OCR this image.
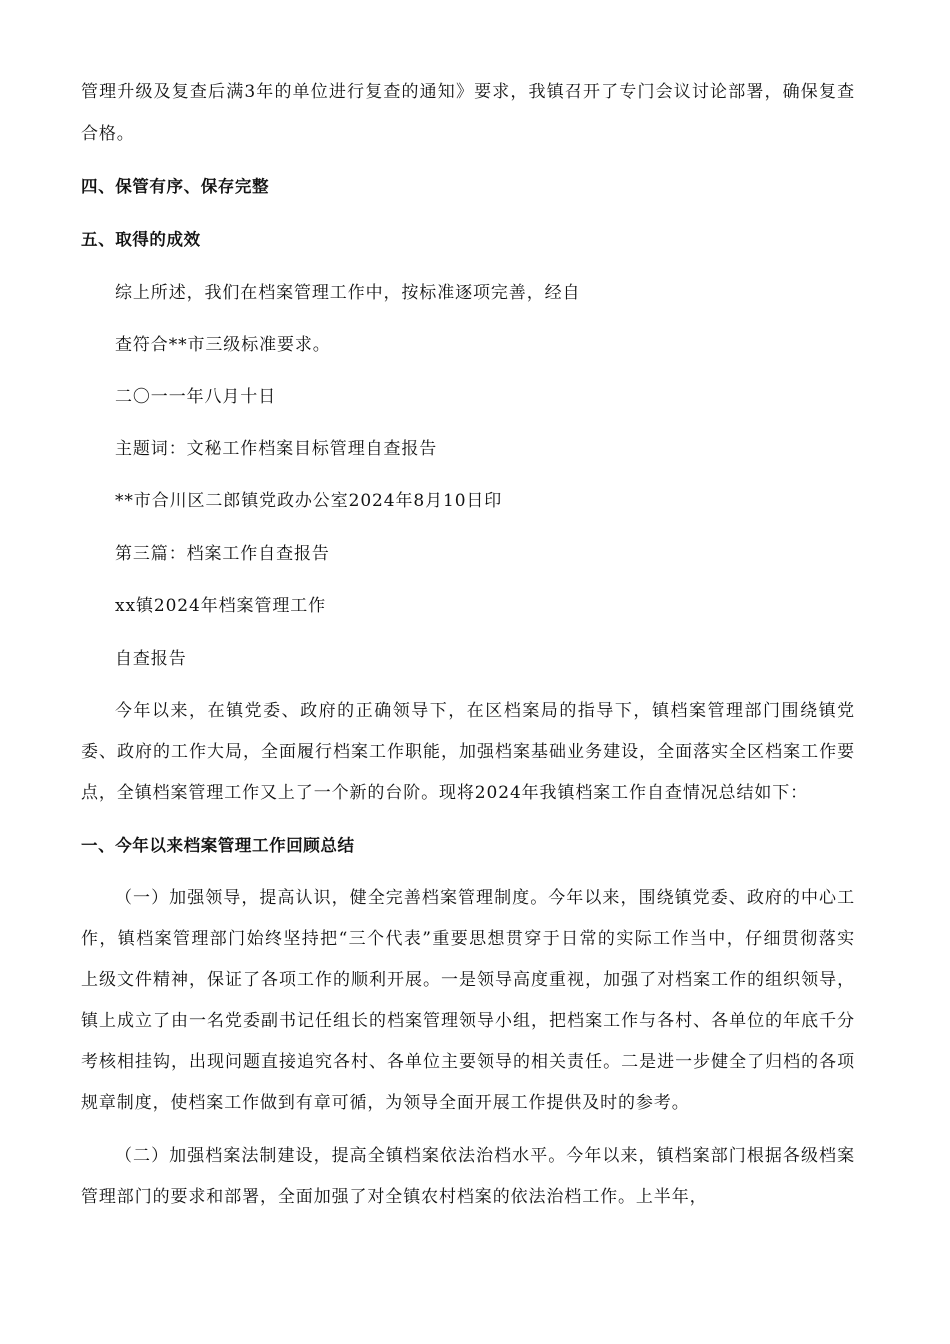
管理升级及复查后满3年的单位进行复查的通知》要求，我镇召开了专门会议讨论部署，确保复查
合格。
四、保管有序、保存完整
五、取得的成效
综上所述，我们在档案管理工作中，按标准逐项完善，经自
查符合**市三级标准要求。
二〇一一年八月十日
主题词：文秘工作档案目标管理自查报告
**市合川区二郎镇党政办公室2024年8月10日印
第三篇：档案工作自查报告
xx镇2024年档案管理工作
自查报告
今年以来，在镇党委、政府的正确领导下，在区档案局的指导下，镇档案管理部门围绕镇党
委、政府的工作大局，全面履行档案工作职能，加强档案基础业务建设，全面落实全区档案工作要
点，全镇档案管理工作又上了一个新的台阶。现将2024年我镇档案工作自查情况总结如下：
一、今年以来档案管理工作回顾总结
（一）加强领导，提高认识，健全完善档案管理制度。今年以来，围绕镇党委、政府的中心工
作，镇档案管理部门始终坚持把“三个代表”重要思想贯穿于日常的实际工作当中，仔细贯彻落实
上级文件精神，保证了各项工作的顺利开展。一是领导高度重视，加强了对档案工作的组织领导，
镇上成立了由一名党委副书记任组长的档案管理领导小组，把档案工作与各村、各单位的年底千分
考核相挂钩，出现问题直接追究各村、各单位主要领导的相关责任。二是进一步健全了归档的各项
规章制度，使档案工作做到有章可循，为领导全面开展工作提供及时的参考。
（二）加强档案法制建设，提高全镇档案依法治档水平。今年以来，镇档案部门根据各级档案
管理部门的要求和部署，全面加强了对全镇农村档案的依法治档工作。上半年，
